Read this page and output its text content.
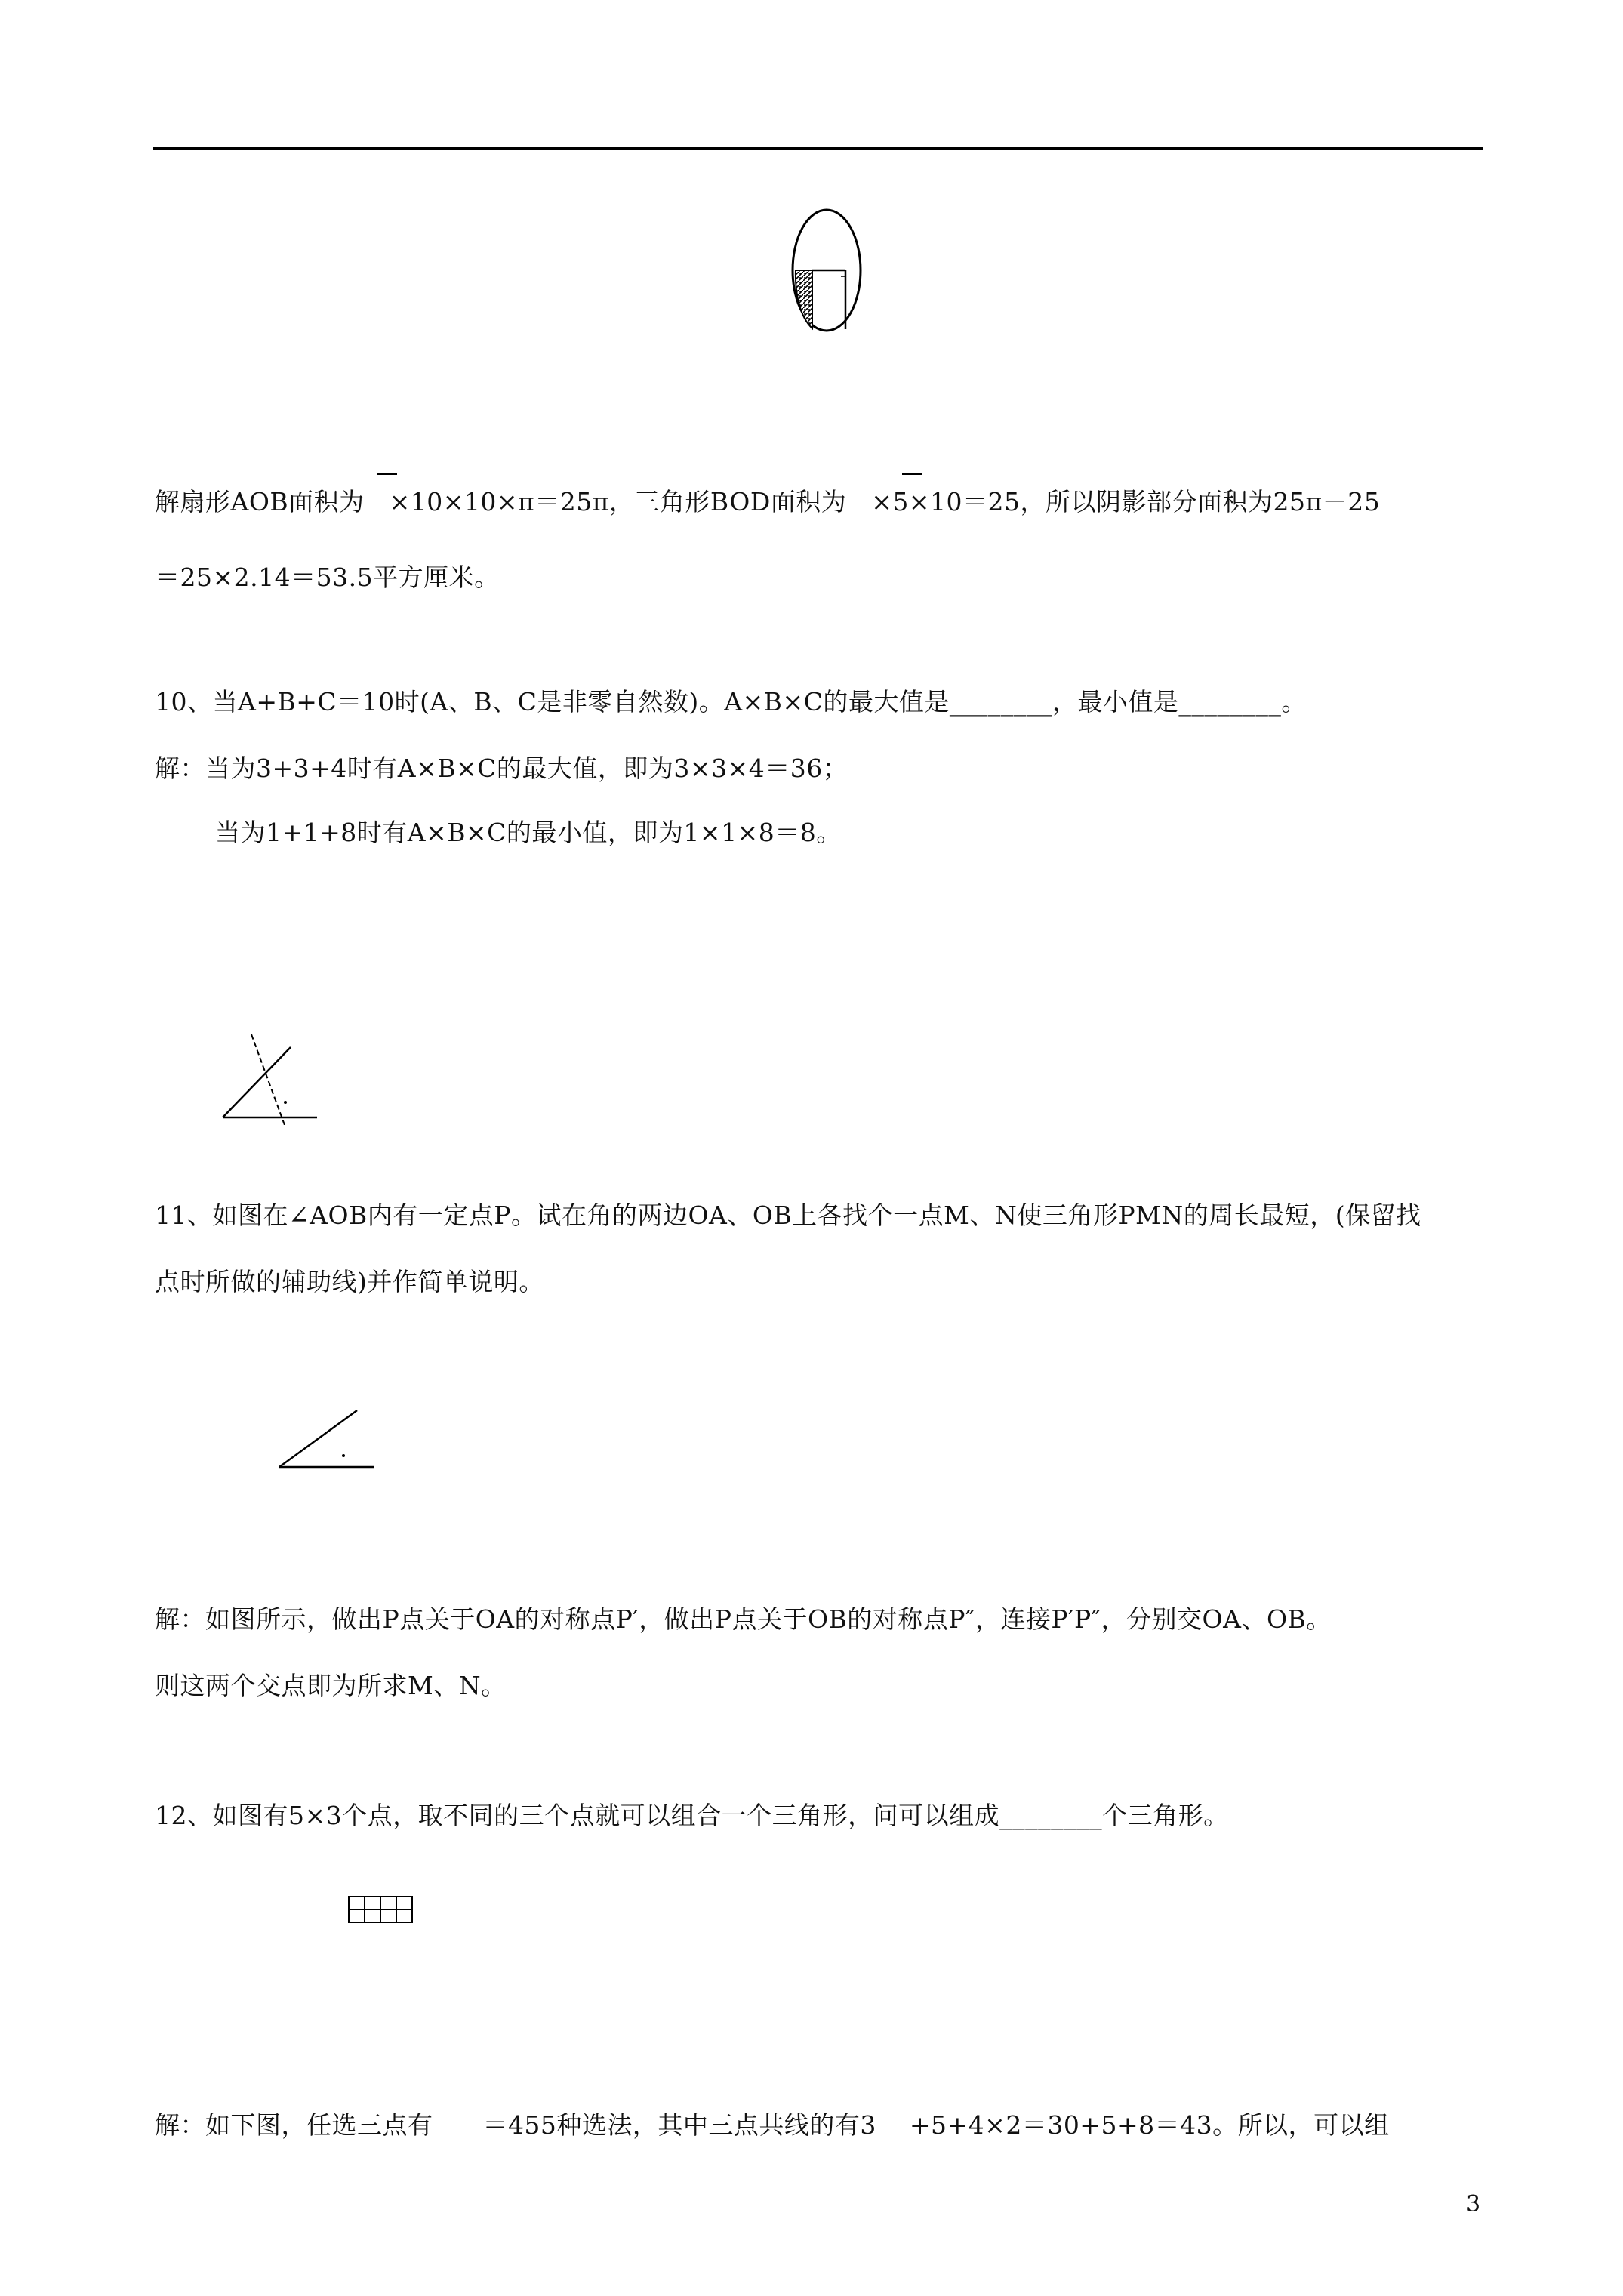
解扇形AOB面积为   ×10×10×π＝25π，三角形BOD面积为   ×5×10＝25，所以阴影部分面积为25π－25
＝25×2.14＝53.5平方厘米。
10、当A+B+C＝10时(A、B、C是非零自然数)。A×B×C的最大值是________，最小值是________。
解：当为3+3+4时有A×B×C的最大值，即为3×3×4＝36；
当为1+1+8时有A×B×C的最小值，即为1×1×8＝8。
11、如图在∠AOB内有一定点P。试在角的两边OA、OB上各找个一点M、N使三角形PMN的周长最短，(保留找
点时所做的辅助线)并作简单说明。
解：如图所示，做出P点关于OA的对称点P′，做出P点关于OB的对称点P″，连接P′P″，分别交OA、OB。
则这两个交点即为所求M、N。
12、如图有5×3个点，取不同的三个点就可以组合一个三角形，问可以组成________个三角形。
解：如下图，任选三点有      ＝455种选法，其中三点共线的有3    +5+4×2＝30+5+8＝43。所以，可以组
3
